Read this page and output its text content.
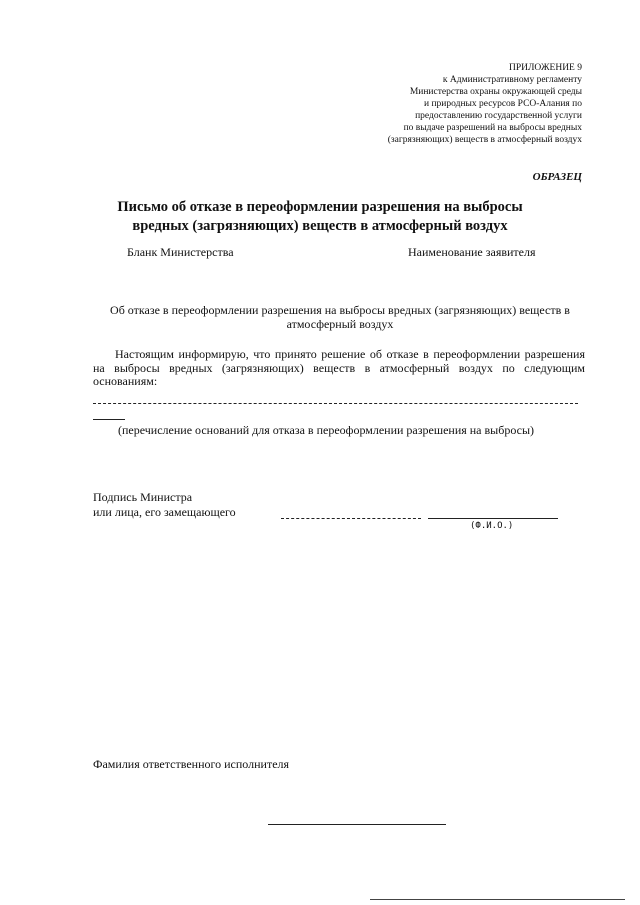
ПРИЛОЖЕНИЕ 9
к Административному регламенту
Министерства охраны окружающей среды
и природных ресурсов РСО-Алания по
предоставлению государственной услуги
по выдаче разрешений на выбросы вредных
(загрязняющих) веществ в атмосферный воздух
ОБРАЗЕЦ
Письмо об отказе в переоформлении разрешения на выбросы
вредных (загрязняющих) веществ в атмосферный воздух
Бланк Министерства	Наименование заявителя
Об отказе в переоформлении разрешения на выбросы вредных (загрязняющих) веществ в
атмосферный воздух
Настоящим информирую, что принято решение об отказе в переоформлении разрешения на выбросы вредных (загрязняющих) веществ в атмосферный воздух по следующим основаниям:
(перечисление оснований для отказа в переоформлении разрешения на выбросы)
Подпись Министра
или лица, его замещающего
(Ф.И.О.)
Фамилия ответственного исполнителя
